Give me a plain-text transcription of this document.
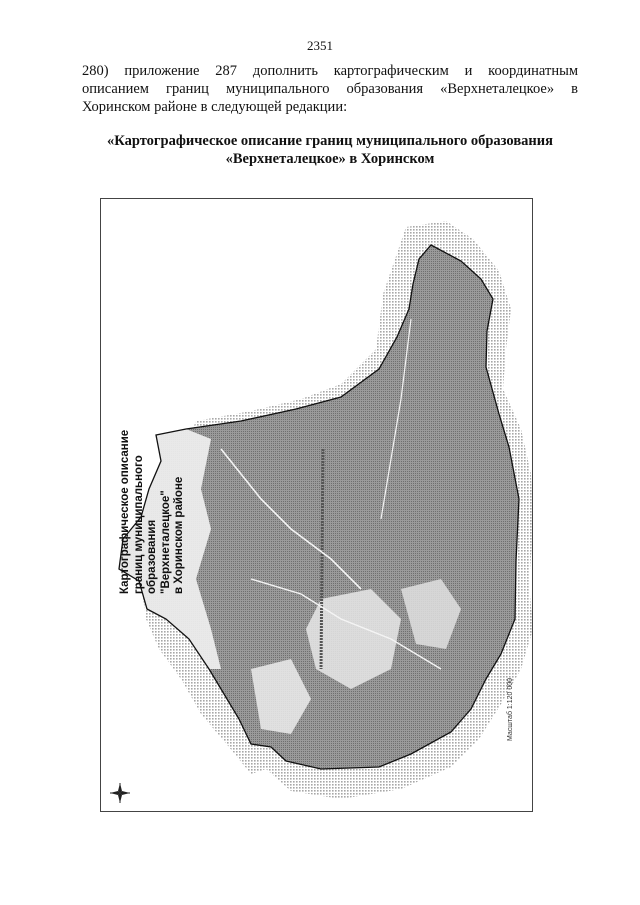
2351
280) приложение 287 дополнить картографическим и координатным
описанием границ муниципального образования «Верхнеталецкое» в
Хоринском районе в следующей редакции:
«Картографическое описание границ муниципального образования
«Верхнеталецкое» в Хоринском
Картографическое описание границ муниципального образования "Верхнеталецкое" в Хоринском районе
Масштаб 1:120 000
